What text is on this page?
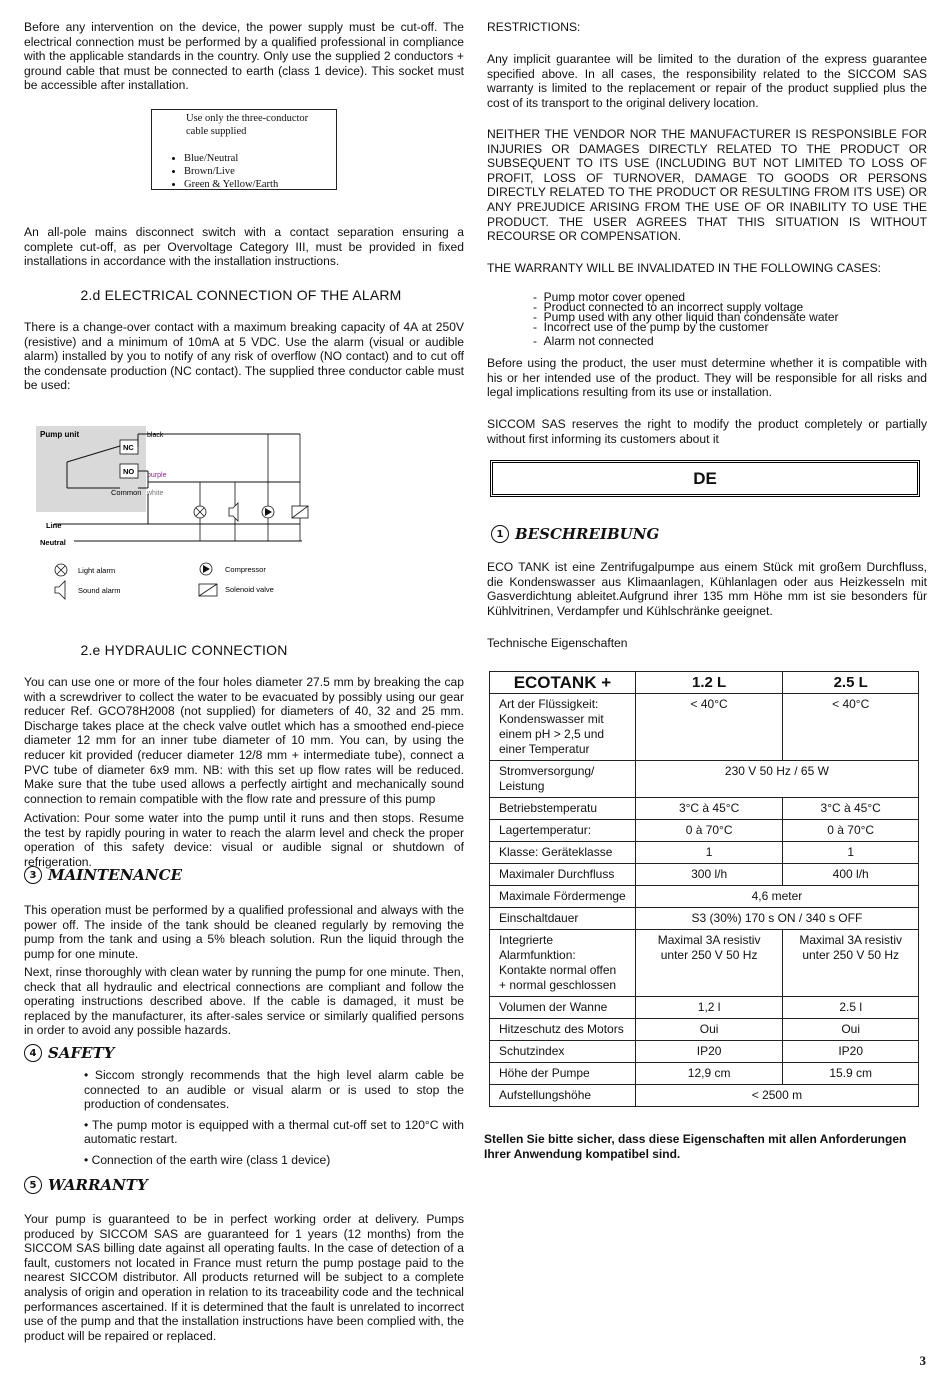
Before any intervention on the device, the power supply must be cut-off. The electrical connection must be performed by a qualified professional in compliance with the applicable standards in the country. Only use the supplied 2 conductors + ground cable that must be connected to earth (class 1 device). This socket must be accessible after installation.

Use only the three-conductor
cable supplied
• Blue/Neutral
• Brown/Live
• Green & Yellow/Earth

An all-pole mains disconnect switch with a contact separation ensuring a complete cut-off, as per Overvoltage Category III, must be provided in fixed installations in accordance with the installation instructions.

2.d ELECTRICAL CONNECTION OF THE ALARM

There is a change-over contact with a maximum breaking capacity of 4A at 250V (resistive) and a minimum of 10mA at 5 VDC. Use the alarm (visual or audible alarm) installed by you to notify of any risk of overflow (NO contact) and to cut off the condensate production (NC contact). The supplied three conductor cable must be used:

Pump unit
NC
NO
Common
black
purple
white
Line
Neutral
Light alarm
Sound alarm
Compressor
Solenoid valve
2.e HYDRAULIC CONNECTION

You can use one or more of the four holes diameter 27.5 mm by breaking the cap with a screwdriver to collect the water to be evacuated by possibly using our gear reducer Ref. GCO78H2008 (not supplied) for diameters of 40, 32 and 25 mm. Discharge takes place at the check valve outlet which has a smoothed end-piece diameter 12 mm for an inner tube diameter of 10 mm. You can, by using the reducer kit provided (reducer diameter 12/8 mm + intermediate tube), connect a PVC tube of diameter 6x9 mm. NB: with this set up flow rates will be reduced. Make sure that the tube used allows a perfectly airtight and mechanically sound connection to remain compatible with the flow rate and pressure of this pump

Activation: Pour some water into the pump until it runs and then stops. Resume the test by rapidly pouring in water to reach the alarm level and check the proper operation of this safety device: visual or audible signal or shutdown of refrigeration.

3 MAINTENANCE

This operation must be performed by a qualified professional and always with the power off. The inside of the tank should be cleaned regularly by removing the pump from the tank and using a 5% bleach solution. Run the liquid through the pump for one minute.

Next, rinse thoroughly with clean water by running the pump for one minute. Then, check that all hydraulic and electrical connections are compliant and follow the operating instructions described above. If the cable is damaged, it must be replaced by the manufacturer, its after-sales service or similarly qualified persons in order to avoid any possible hazards.

4 SAFETY

• Siccom strongly recommends that the high level alarm cable be connected to an audible or visual alarm or is used to stop the production of condensates.

• The pump motor is equipped with a thermal cut-off set to 120°C with automatic restart.

• Connection of the earth wire (class 1 device)

5 WARRANTY

Your pump is guaranteed to be in perfect working order at delivery. Pumps produced by SICCOM SAS are guaranteed for 1 years (12 months) from the SICCOM SAS billing date against all operating faults. In the case of detection of a fault, customers not located in France must return the pump postage paid to the nearest SICCOM distributor. All products returned will be subject to a complete analysis of origin and operation in relation to its traceability code and the technical performances ascertained. If it is determined that the fault is unrelated to incorrect use of the pump and that the installation instructions have been complied with, the product will be repaired or replaced.

RESTRICTIONS:

Any implicit guarantee will be limited to the duration of the express guarantee specified above. In all cases, the responsibility related to the SICCOM SAS warranty is limited to the replacement or repair of the product supplied plus the cost of its transport to the original delivery location.

NEITHER THE VENDOR NOR THE MANUFACTURER IS RESPONSIBLE FOR INJURIES OR DAMAGES DIRECTLY RELATED TO THE PRODUCT OR SUBSEQUENT TO ITS USE (INCLUDING BUT NOT LIMITED TO LOSS OF PROFIT, LOSS OF TURNOVER, DAMAGE TO GOODS OR PERSONS DIRECTLY RELATED TO THE PRODUCT OR RESULTING FROM ITS USE) OR ANY PREJUDICE ARISING FROM THE USE OF OR INABILITY TO USE THE PRODUCT. THE USER AGREES THAT THIS SITUATION IS WITHOUT RECOURSE OR COMPENSATION.

THE WARRANTY WILL BE INVALIDATED IN THE FOLLOWING CASES:

-  Pump motor cover opened
-  Product connected to an incorrect supply voltage
-  Pump used with any other liquid than condensate water
-  Incorrect use of the pump by the customer
-  Alarm not connected

Before using the product, the user must determine whether it is compatible with his or her intended use of the product. They will be responsible for all risks and legal implications resulting from its use or installation.

SICCOM SAS reserves the right to modify the product completely or partially without first informing its customers about it

DE
1 BESCHREIBUNG

ECO TANK ist eine Zentrifugalpumpe aus einem Stück mit großem Durchfluss, die Kondenswasser aus Klimaanlagen, Kühlanlagen oder aus Heizkesseln mit Gasverdichtung ableitet.Aufgrund ihrer 135 mm Höhe mm ist sie besonders für Kühlvitrinen, Verdampfer und Kühlschränke geeignet.

Technische Eigenschaften

ECOTANK +	1.2 L	2.5 L
Art der Flüssigkeit: Kondenswasser mit einem pH > 2,5 und einer Temperatur	< 40°C	< 40°C
Stromversorgung/ Leistung	230 V 50 Hz / 65 W	
Betriebstemperatu	3°C à 45°C	3°C à 45°C
Lagertemperatur:	0 à 70°C	0 à 70°C
Klasse: Geräteklasse	1	1
Maximaler Durchfluss	300 l/h	400 l/h
Maximale Fördermenge	4,6 meter	
Einschaltdauer	S3 (30%) 170 s ON / 340 s OFF	
Integrierte Alarmfunktion: Kontakte normal offen + normal geschlossen	Maximal 3A resistiv unter 250 V 50 Hz	Maximal 3A resistiv unter 250 V 50 Hz
Volumen der Wanne	1,2 l	2.5 l
Hitzeschutz des Motors	Oui	Oui
Schutzindex	IP20	IP20
Höhe der Pumpe	12,9 cm	15.9 cm
Aufstellungshöhe	< 2500 m	

Stellen Sie bitte sicher, dass diese Eigenschaften mit allen Anforderungen Ihrer Anwendung kompatibel sind.

3
